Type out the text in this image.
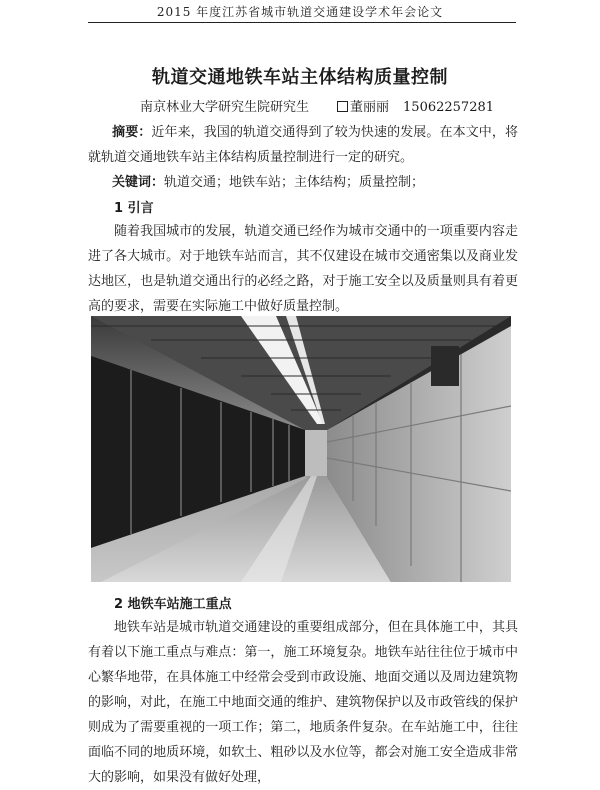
2015 年度江苏省城市轨道交通建设学术年会论文
轨道交通地铁车站主体结构质量控制
南京林业大学研究生院研究生	董丽丽 15062257281
摘要：近年来，我国的轨道交通得到了较为快速的发展。在本文中，将就轨道交通地铁车站主体结构质量控制进行一定的研究。
关键词：轨道交通；地铁车站；主体结构；质量控制；
1 引言
随着我国城市的发展，轨道交通已经作为城市交通中的一项重要内容走进了各大城市。对于地铁车站而言，其不仅建设在城市交通密集以及商业发达地区，也是轨道交通出行的必经之路，对于施工安全以及质量则具有着更高的要求，需要在实际施工中做好质量控制。
2 地铁车站施工重点
地铁车站是城市轨道交通建设的重要组成部分，但在具体施工中，其具有着以下施工重点与难点：第一，施工环境复杂。地铁车站往往位于城市中心繁华地带，在具体施工中经常会受到市政设施、地面交通以及周边建筑物的影响，对此，在施工中地面交通的维护、建筑物保护以及市政管线的保护则成为了需要重视的一项工作；第二，地质条件复杂。在车站施工中，往往面临不同的地质环境，如软土、粗砂以及水位等，都会对施工安全造成非常大的影响，如果没有做好处理，
